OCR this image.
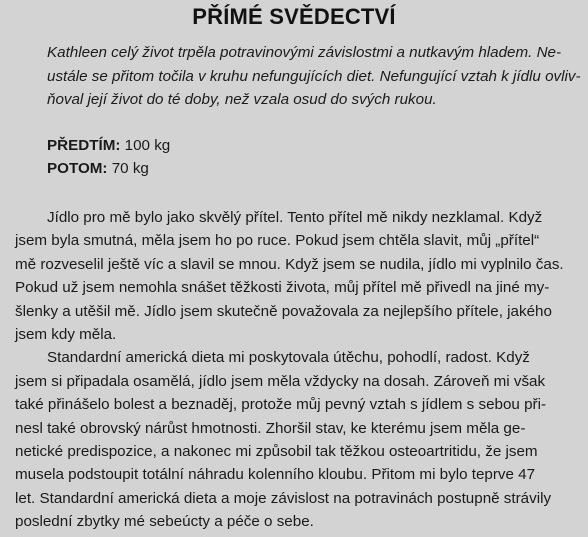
PŘÍMÉ SVĚDECTVÍ
Kathleen celý život trpěla potravinovými závislostmi a nutkavým hladem. Ne-
ustále se přitom točila v kruhu nefungujících diet. Nefungující vztah k jídlu ovliv-
ňoval její život do té doby, než vzala osud do svých rukou.
PŘEDTÍM: 100 kg
POTOM: 70 kg
Jídlo pro mě bylo jako skvělý přítel. Tento přítel mě nikdy nezklamal. Když
jsem byla smutná, měla jsem ho po ruce. Pokud jsem chtěla slavit, můj „přítel“
mě rozveselil ještě víc a slavil se mnou. Když jsem se nudila, jídlo mi vyplnilo čas.
Pokud už jsem nemohla snášet těžkosti života, můj přítel mě přivedl na jiné my-
šlenky a utěšil mě. Jídlo jsem skutečně považovala za nejlepšího přítele, jakého
jsem kdy měla.
Standardní americká dieta mi poskytovala útěchu, pohodlí, radost. Když
jsem si připadala osamělá, jídlo jsem měla vždycky na dosah. Zároveň mi však
také přinášelo bolest a beznaděj, protože můj pevný vztah s jídlem s sebou při-
nesl také obrovský nárůst hmotnosti. Zhoršil stav, ke kterému jsem měla ge-
netické predispozice, a nakonec mi způsobil tak těžkou osteoartritidu, že jsem
musela podstoupit totální náhradu kolenního kloubu. Přitom mi bylo teprve 47
let. Standardní americká dieta a moje závislost na potravinách postupně strávily
poslední zbytky mé sebeúcty a péče o sebe.
